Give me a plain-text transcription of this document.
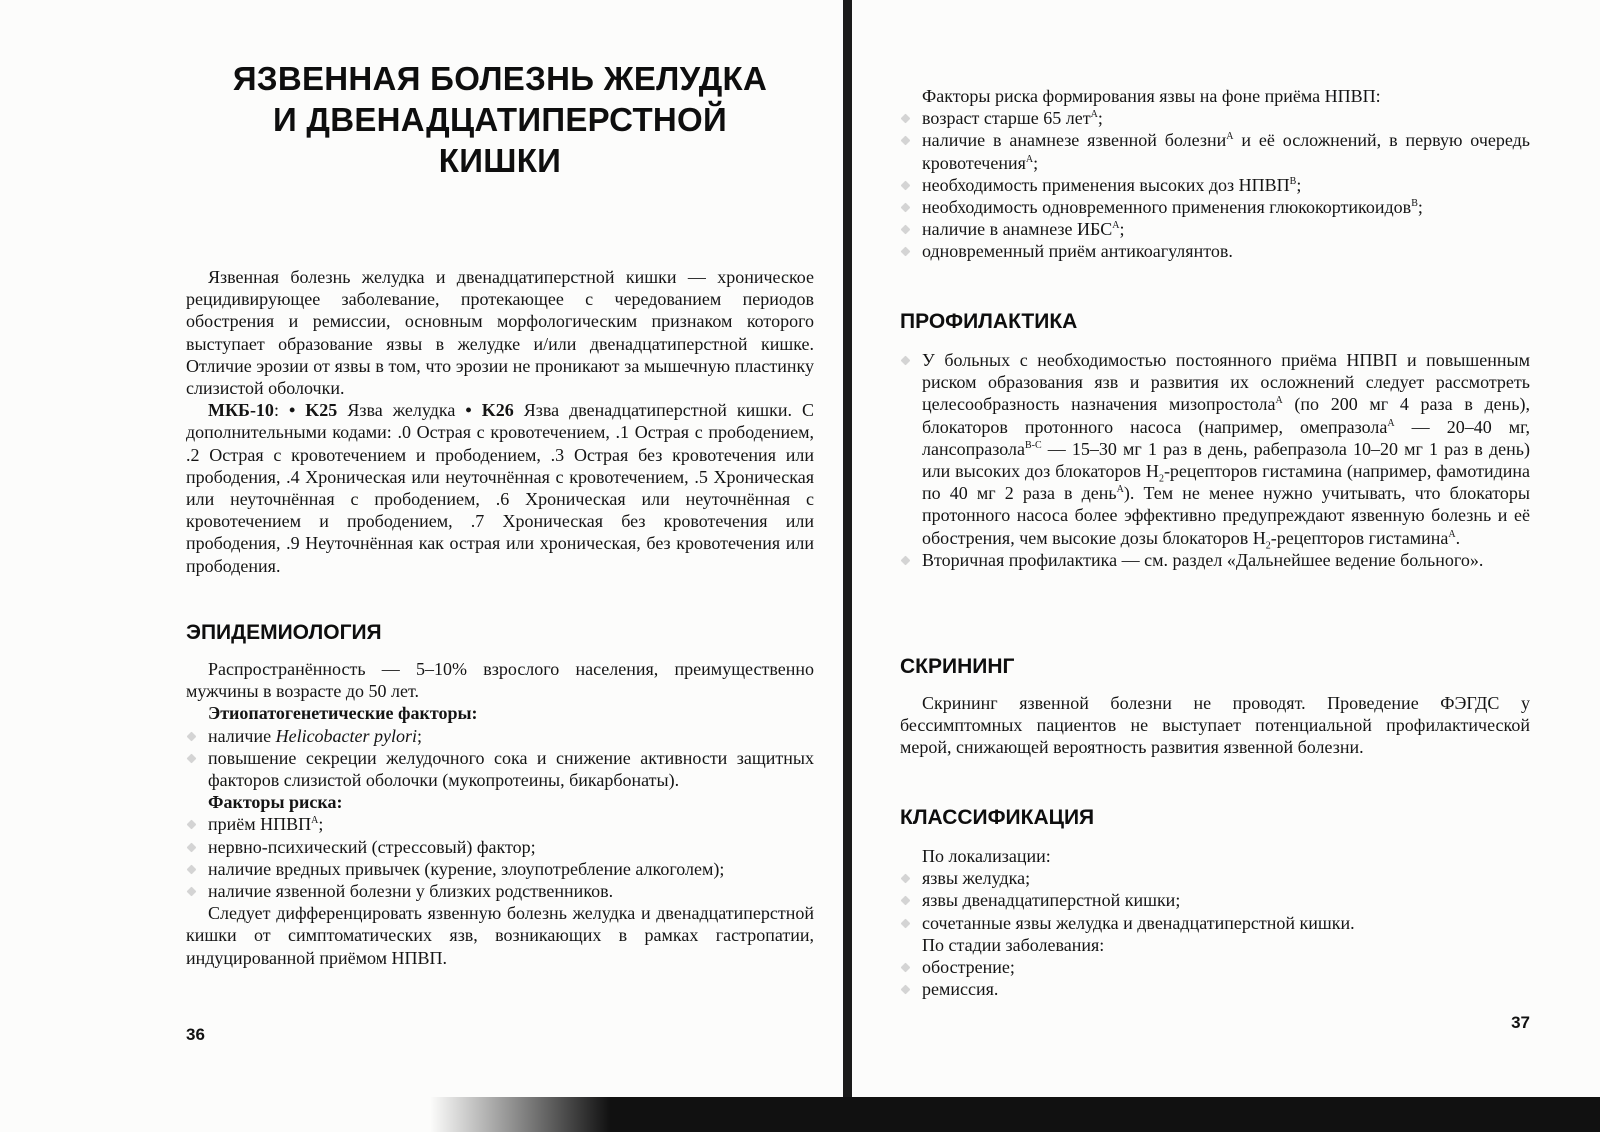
ЯЗВЕННАЯ БОЛЕЗНЬ ЖЕЛУДКА
И ДВЕНАДЦАТИПЕРСТНОЙ
КИШКИ

Язвенная болезнь желудка и двенадцатиперстной кишки — хроническое рецидивирующее заболевание, протекающее с чередованием периодов обострения и ремиссии, основным морфологическим признаком которого выступает образование язвы в желудке и/или двенадцатиперстной кишке. Отличие эрозии от язвы в том, что эрозии не проникают за мышечную пластинку слизистой оболочки.

МКБ-10: • K25 Язва желудка • K26 Язва двенадцатиперстной кишки. С дополнительными кодами: .0 Острая с кровотечением, .1 Острая с прободением, .2 Острая с кровотечением и прободением, .3 Острая без кровотечения или прободения, .4 Хроническая или неуточнённая с кровотечением, .5 Хроническая или неуточнённая с прободением, .6 Хроническая или неуточнённая с кровотечением и прободением, .7 Хроническая без кровотечения или прободения, .9 Неуточнённая как острая или хроническая, без кровотечения или прободения.

ЭПИДЕМИОЛОГИЯ

Распространённость — 5–10% взрослого населения, преимущественно мужчины в возрасте до 50 лет.

Этиопатогенетические факторы:

наличие Helicobacter pylori;
повышение секреции желудочного сока и снижение активности защитных факторов слизистой оболочки (мукопротеины, бикарбонаты).

Факторы риска:

приём $НПВП^A$;
нервно-психический (стрессовый) фактор;
наличие вредных привычек (курение, злоупотребление алкоголем);
наличие язвенной болезни у близких родственников.

Следует дифференцировать язвенную болезнь желудка и двенадцатиперстной кишки от симптоматических язв, возникающих в рамках гастропатии, индуцированной приёмом НПВП.

36

Факторы риска формирования язвы на фоне приёма НПВП:

возраст старше 65 лет$^A$;
наличие в анамнезе язвенной болезни$^A$ и её осложнений, в первую очередь кровотечения$^A$;
необходимость применения высоких доз $НПВП^B$;
необходимость одновременного применения глюкокортикоидов$^B$;
наличие в анамнезе $ИБС^A$;
одновременный приём антикоагулянтов.
ПРОФИЛАКТИКА
У больных с необходимостью постоянного приёма НПВП и повышенным риском образования язв и развития их осложнений следует рассмотреть целесообразность назначения мизопростола$^A$ (по 200 мг 4 раза в день), блокаторов протонного насоса (например, омепразола$^A$ — 20–40 мг, лансопразола$^{B-C}$ — 15–30 мг 1 раз в день, рабепразола 10–20 мг 1 раз в день) или высоких доз блокаторов $H_2$-рецепторов гистамина (например, фамотидина по 40 мг 2 раза в день$^A$). Тем не менее нужно учитывать, что блокаторы протонного насоса более эффективно предупреждают язвенную болезнь и её обострения, чем высокие дозы блокаторов $H_2$-рецепторов гистамина$^A$.
Вторичная профилактика — см. раздел «Дальнейшее ведение больного».
СКРИНИНГ

Скрининг язвенной болезни не проводят. Проведение ФЭГДС у бессимптомных пациентов не выступает потенциальной профилактической мерой, снижающей вероятность развития язвенной болезни.

КЛАССИФИКАЦИЯ

По локализации:

язвы желудка;
язвы двенадцатиперстной кишки;
сочетанные язвы желудка и двенадцатиперстной кишки.

По стадии заболевания:

обострение;
ремиссия.
37
